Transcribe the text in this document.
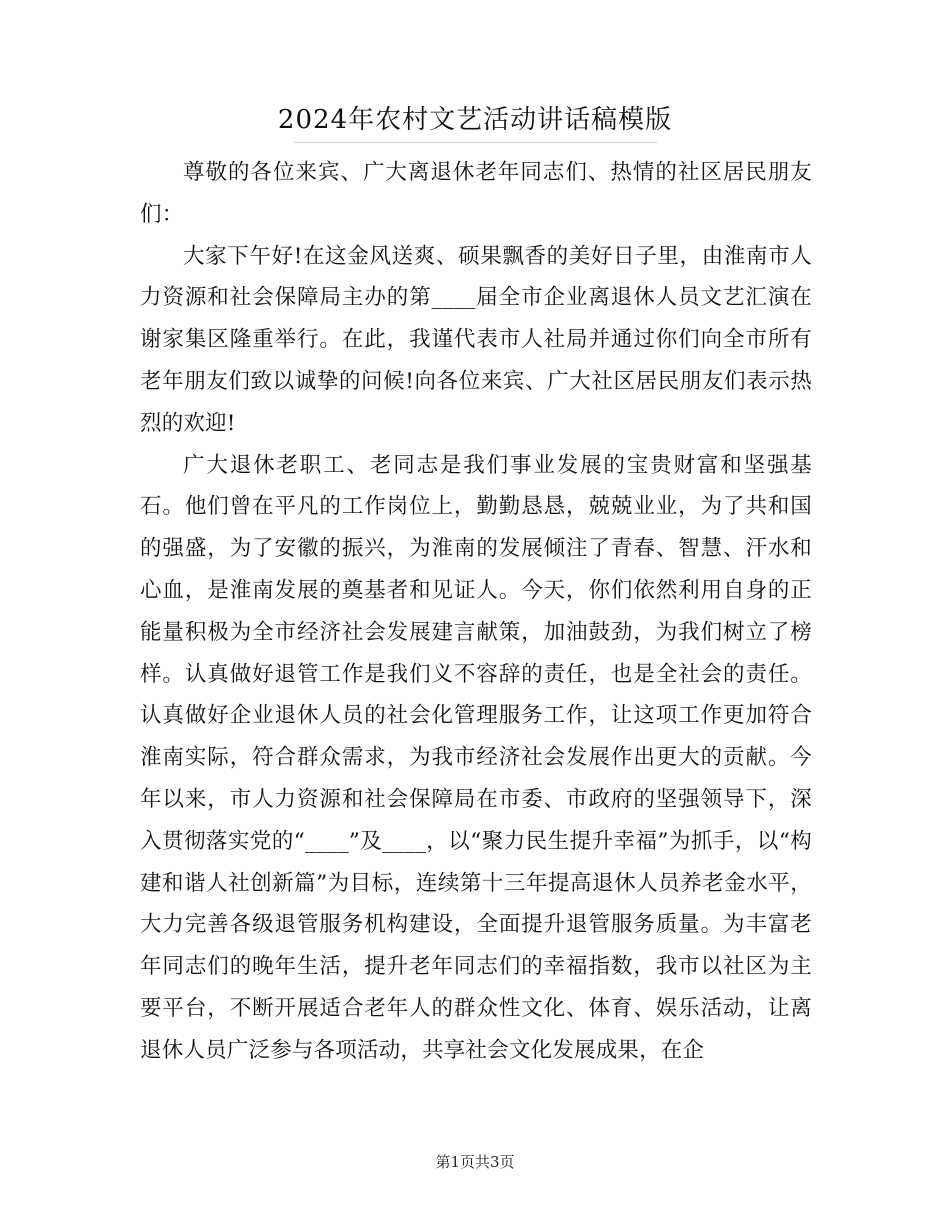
2024年农村文艺活动讲话稿模版

尊敬的各位来宾、广大离退休老年同志们、热情的社区居民朋友们：

大家下午好!在这金风送爽、硕果飘香的美好日子里，由淮南市人力资源和社会保障局主办的第____届全市企业离退休人员文艺汇演在谢家集区隆重举行。在此，我谨代表市人社局并通过你们向全市所有老年朋友们致以诚挚的问候!向各位来宾、广大社区居民朋友们表示热烈的欢迎!

广大退休老职工、老同志是我们事业发展的宝贵财富和坚强基石。他们曾在平凡的工作岗位上，勤勤恳恳，兢兢业业，为了共和国的强盛，为了安徽的振兴，为淮南的发展倾注了青春、智慧、汗水和心血，是淮南发展的奠基者和见证人。今天，你们依然利用自身的正能量积极为全市经济社会发展建言献策，加油鼓劲，为我们树立了榜样。认真做好退管工作是我们义不容辞的责任，也是全社会的责任。认真做好企业退休人员的社会化管理服务工作，让这项工作更加符合淮南实际，符合群众需求，为我市经济社会发展作出更大的贡献。今年以来，市人力资源和社会保障局在市委、市政府的坚强领导下，深入贯彻落实党的“____”及____，以“聚力民生提升幸福”为抓手，以“构建和谐人社创新篇”为目标，连续第十三年提高退休人员养老金水平，大力完善各级退管服务机构建设，全面提升退管服务质量。为丰富老年同志们的晚年生活，提升老年同志们的幸福指数，我市以社区为主要平台，不断开展适合老年人的群众性文化、体育、娱乐活动，让离退休人员广泛参与各项活动，共享社会文化发展成果，在企

第1页共3页
